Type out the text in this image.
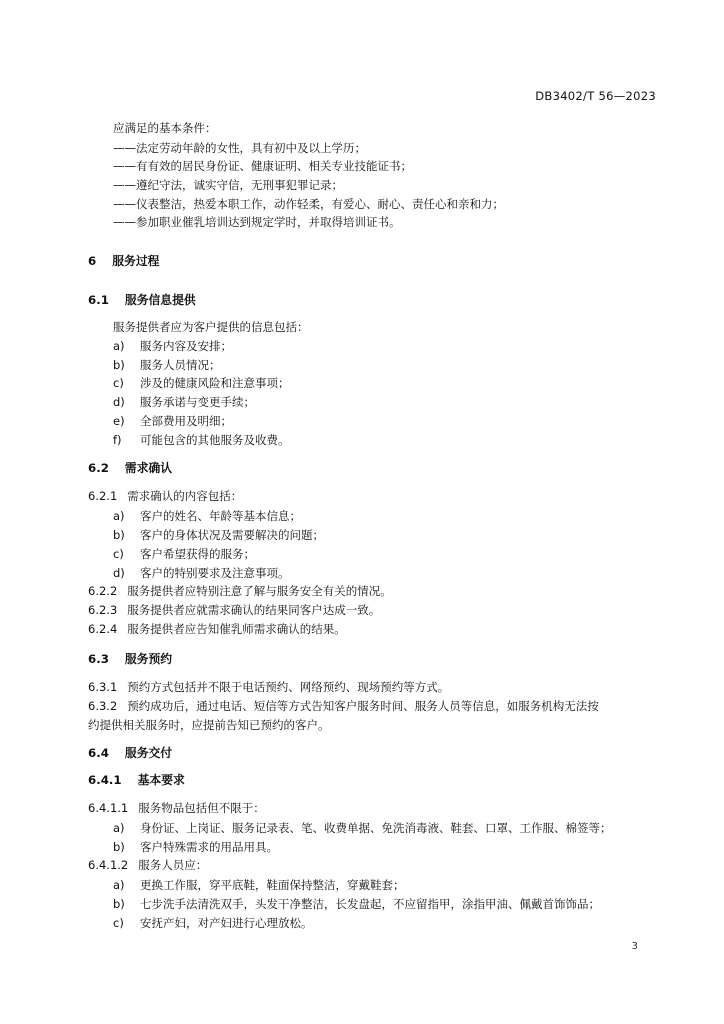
DB3402/T 56—2023
应满足的基本条件：
——法定劳动年龄的女性，具有初中及以上学历；
——有有效的居民身份证、健康证明、相关专业技能证书；
——遵纪守法，诚实守信，无刑事犯罪记录；
——仪表整洁，热爱本职工作，动作轻柔，有爱心、耐心、责任心和亲和力；
——参加职业催乳培训达到规定学时，并取得培训证书。
6 服务过程
6.1 服务信息提供
服务提供者应为客户提供的信息包括：
a) 服务内容及安排；
b) 服务人员情况；
c) 涉及的健康风险和注意事项；
d) 服务承诺与变更手续；
e) 全部费用及明细；
f) 可能包含的其他服务及收费。
6.2 需求确认
6.2.1 需求确认的内容包括：
a) 客户的姓名、年龄等基本信息；
b) 客户的身体状况及需要解决的问题；
c) 客户希望获得的服务；
d) 客户的特别要求及注意事项。
6.2.2 服务提供者应特别注意了解与服务安全有关的情况。
6.2.3 服务提供者应就需求确认的结果同客户达成一致。
6.2.4 服务提供者应告知催乳师需求确认的结果。
6.3 服务预约
6.3.1 预约方式包括并不限于电话预约、网络预约、现场预约等方式。
6.3.2 预约成功后，通过电话、短信等方式告知客户服务时间、服务人员等信息，如服务机构无法按
约提供相关服务时，应提前告知已预约的客户。
6.4 服务交付
6.4.1 基本要求
6.4.1.1 服务物品包括但不限于：
a) 身份证、上岗证、服务记录表、笔、收费单据、免洗消毒液、鞋套、口罩、工作服、棉签等；
b) 客户特殊需求的用品用具。
6.4.1.2 服务人员应：
a) 更换工作服，穿平底鞋，鞋面保持整洁，穿戴鞋套；
b) 七步洗手法清洗双手，头发干净整洁，长发盘起，不应留指甲，涂指甲油、佩戴首饰饰品；
c) 安抚产妇，对产妇进行心理放松。
3
